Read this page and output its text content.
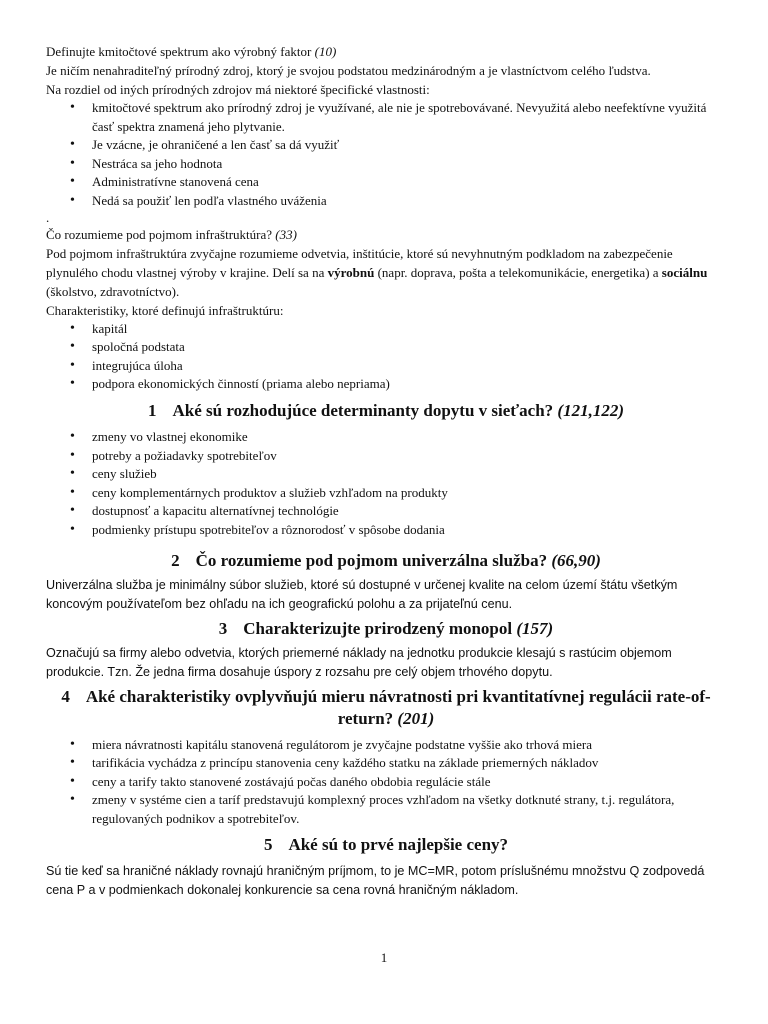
Definujte kmitočtové spektrum ako výrobný faktor (10)

Je ničím nenahraditeľný prírodný zdroj, ktorý je svojou podstatou medzinárodným a je vlastníctvom celého ľudstva.

Na rozdiel od iných prírodných zdrojov má niektoré špecifické vlastnosti:

• kmitočtové spektrum ako prírodný zdroj je využívané, ale nie je spotrebovávané. Nevyužitá alebo neefektívne využitá časť spektra znamená jeho plytvanie.
• Je vzácne, je ohraničené a len časť sa dá využiť
• Nestráca sa jeho hodnota
• Administratívne stanovená cena
• Nedá sa použiť len podľa vlastného uváženia
.

Čo rozumieme pod pojmom infraštruktúra? (33)

Pod pojmom infraštruktúra zvyčajne rozumieme odvetvia, inštitúcie, ktoré sú nevyhnutným podkladom na zabezpečenie plynulého chodu vlastnej výroby v krajine. Delí sa na výrobnú (napr. doprava, pošta a telekomunikácie, energetika) a sociálnu (školstvo, zdravotníctvo).

Charakteristiky, ktoré definujú infraštruktúru:

• kapitál
• spoločná podstata
• integrujúca úloha
• podpora ekonomických činností (priama alebo nepriama)
1 Aké sú rozhodujúce determinanty dopytu v sieťach? (121,122)
• zmeny vo vlastnej ekonomike
• potreby a požiadavky spotrebiteľov
• ceny služieb
• ceny komplementárnych produktov a služieb vzhľadom na produkty
• dostupnosť a kapacitu alternatívnej technológie
• podmienky prístupu spotrebiteľov a rôznorodosť v spôsobe dodania
2 Čo rozumieme pod pojmom univerzálna služba? (66,90)

Univerzálna služba je minimálny súbor služieb, ktoré sú dostupné v určenej kvalite na celom území štátu všetkým koncovým používateľom bez ohľadu na ich geografickú polohu a za prijateľnú cenu.

3 Charakterizujte prirodzený monopol (157)

Označujú sa firmy alebo odvetvia, ktorých priemerné náklady na jednotku produkcie klesajú s rastúcim objemom produkcie. Tzn. Že jedna firma dosahuje úspory z rozsahu pre celý objem trhového dopytu.

4 Aké charakteristiky ovplyvňujú mieru návratnosti pri kvantitatívnej regulácii rate-of-return? (201)
• miera návratnosti kapitálu stanovená regulátorom je zvyčajne podstatne vyššie ako trhová miera
• tarifikácia vychádza z princípu stanovenia ceny každého statku na základe priemerných nákladov
• ceny a tarify takto stanovené zostávajú počas daného obdobia regulácie stále
• zmeny v systéme cien a taríf predstavujú komplexný proces vzhľadom na všetky dotknuté strany, t.j. regulátora, regulovaných podnikov a spotrebiteľov.
5 Aké sú to prvé najlepšie ceny?

Sú tie keď sa hraničné náklady rovnajú hraničným príjmom, to je MC=MR, potom príslušnému množstvu Q zodpovedá cena P a v podmienkach dokonalej konkurencie sa cena rovná hraničným nákladom.

1
